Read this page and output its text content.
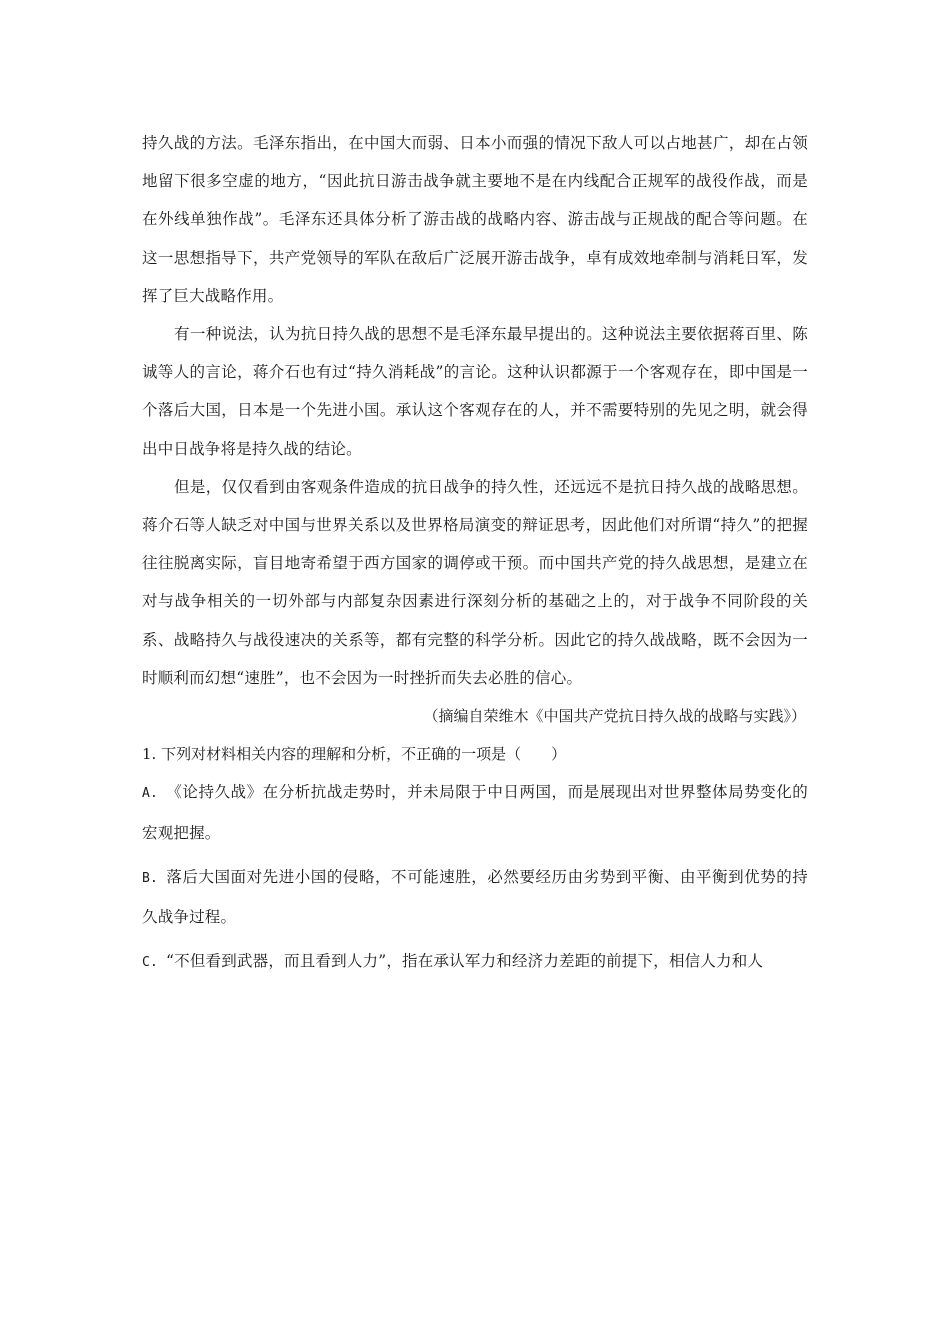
持久战的方法。毛泽东指出，在中国大而弱、日本小而强的情况下敌人可以占地甚广，却在占领地留下很多空虚的地方，“因此抗日游击战争就主要地不是在内线配合正规军的战役作战，而是在外线单独作战”。毛泽东还具体分析了游击战的战略内容、游击战与正规战的配合等问题。在这一思想指导下，共产党领导的军队在敌后广泛展开游击战争，卓有成效地牵制与消耗日军，发挥了巨大战略作用。

有一种说法，认为抗日持久战的思想不是毛泽东最早提出的。这种说法主要依据蒋百里、陈诚等人的言论，蒋介石也有过“持久消耗战”的言论。这种认识都源于一个客观存在，即中国是一个落后大国，日本是一个先进小国。承认这个客观存在的人，并不需要特别的先见之明，就会得出中日战争将是持久战的结论。

但是，仅仅看到由客观条件造成的抗日战争的持久性，还远远不是抗日持久战的战略思想。蒋介石等人缺乏对中国与世界关系以及世界格局演变的辩证思考，因此他们对所谓“持久”的把握往往脱离实际，盲目地寄希望于西方国家的调停或干预。而中国共产党的持久战思想，是建立在对与战争相关的一切外部与内部复杂因素进行深刻分析的基础之上的，对于战争不同阶段的关系、战略持久与战役速决的关系等，都有完整的科学分析。因此它的持久战战略，既不会因为一时顺利而幻想“速胜”，也不会因为一时挫折而失去必胜的信心。

（摘编自荣维木《中国共产党抗日持久战的战略与实践》）

1. 下列对材料相关内容的理解和分析，不正确的一项是（　　）

A. 《论持久战》在分析抗战走势时，并未局限于中日两国，而是展现出对世界整体局势变化的宏观把握。

B. 落后大国面对先进小国的侵略，不可能速胜，必然要经历由劣势到平衡、由平衡到优势的持久战争过程。

C. “不但看到武器，而且看到人力”，指在承认军力和经济力差距的前提下，相信人力和人
